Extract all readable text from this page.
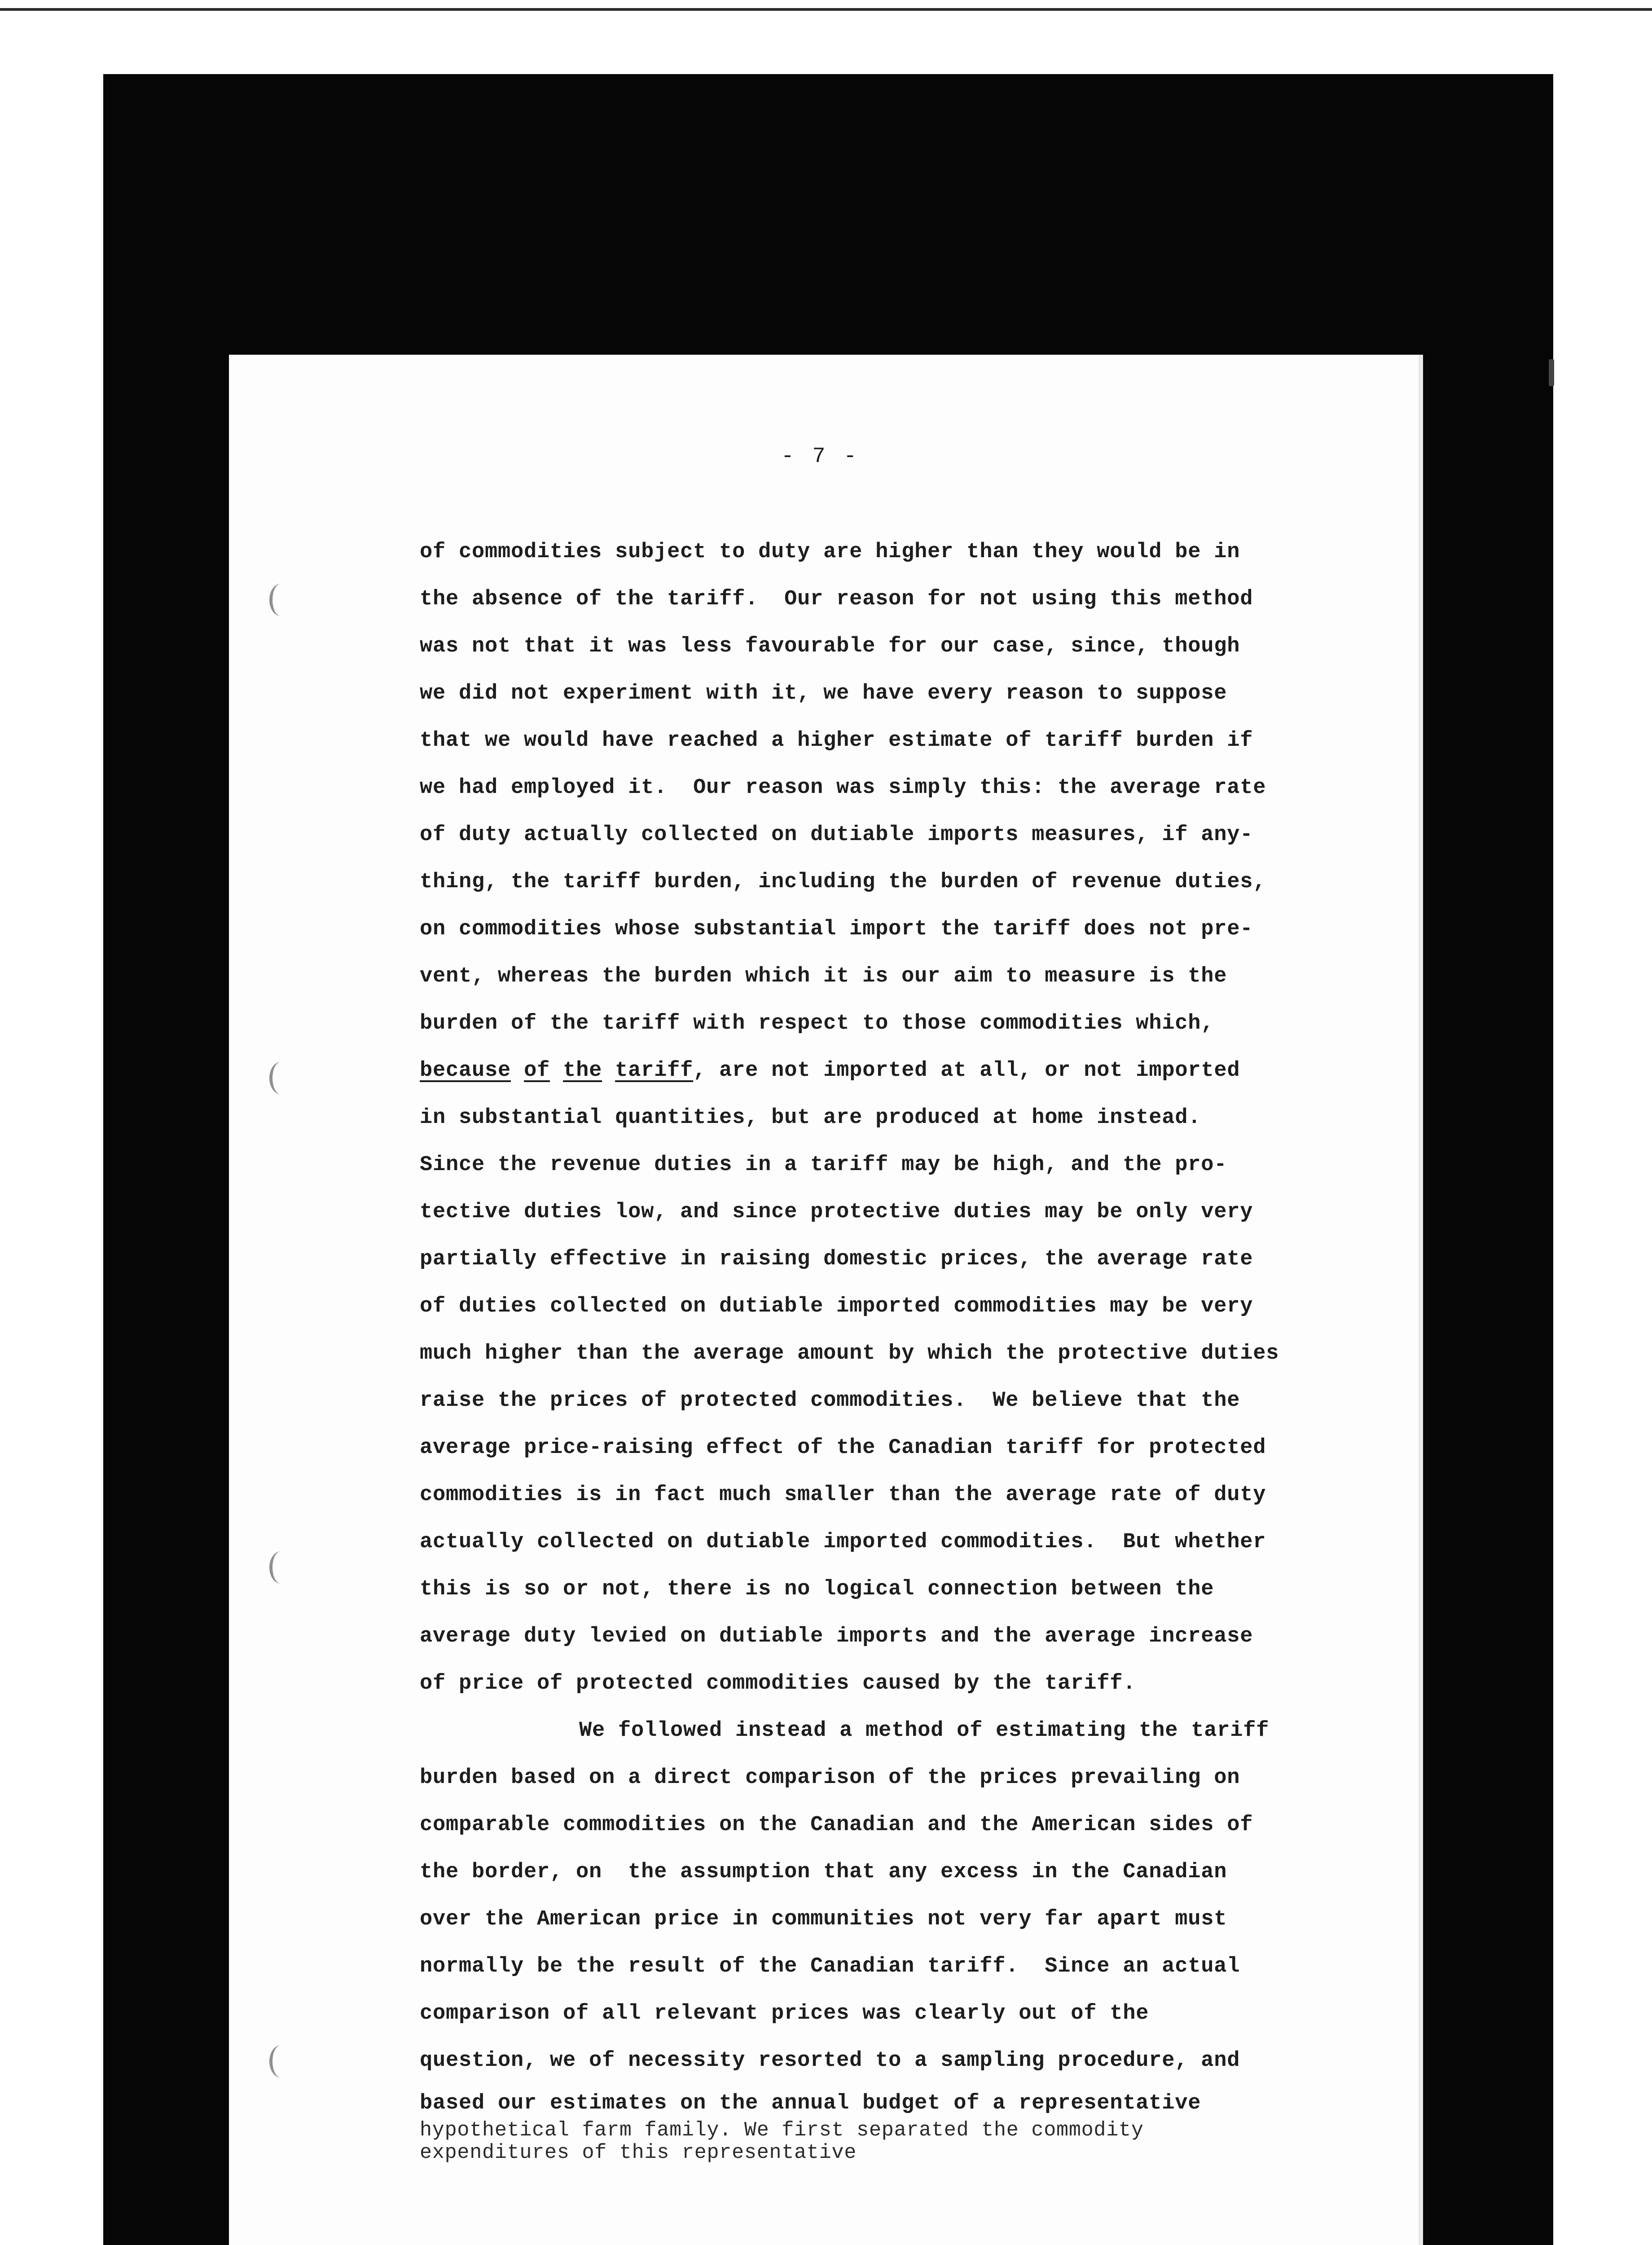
- 7 -
of commodities subject to duty are higher than they would be in
the absence of the tariff.  Our reason for not using this method
was not that it was less favourable for our case, since, though
we did not experiment with it, we have every reason to suppose
that we would have reached a higher estimate of tariff burden if
we had employed it.  Our reason was simply this: the average rate
of duty actually collected on dutiable imports measures, if any-
thing, the tariff burden, including the burden of revenue duties,
on commodities whose substantial import the tariff does not pre-
vent, whereas the burden which it is our aim to measure is the
burden of the tariff with respect to those commodities which,
because of the tariff, are not imported at all, or not imported
in substantial quantities, but are produced at home instead.
Since the revenue duties in a tariff may be high, and the pro-
tective duties low, and since protective duties may be only very
partially effective in raising domestic prices, the average rate
of duties collected on dutiable imported commodities may be very
much higher than the average amount by which the protective duties
raise the prices of protected commodities.  We believe that the
average price-raising effect of the Canadian tariff for protected
commodities is in fact much smaller than the average rate of duty
actually collected on dutiable imported commodities.  But whether
this is so or not, there is no logical connection between the
average duty levied on dutiable imports and the average increase
of price of protected commodities caused by the tariff.
We followed instead a method of estimating the tariff
burden based on a direct comparison of the prices prevailing on
comparable commodities on the Canadian and the American sides of
the border, on  the assumption that any excess in the Canadian
over the American price in communities not very far apart must
normally be the result of the Canadian tariff.  Since an actual
comparison of all relevant prices was clearly out of the
question, we of necessity resorted to a sampling procedure, and
based our estimates on the annual budget of a representative
hypothetical farm family. We first separated the commodity
expenditures of this representative
